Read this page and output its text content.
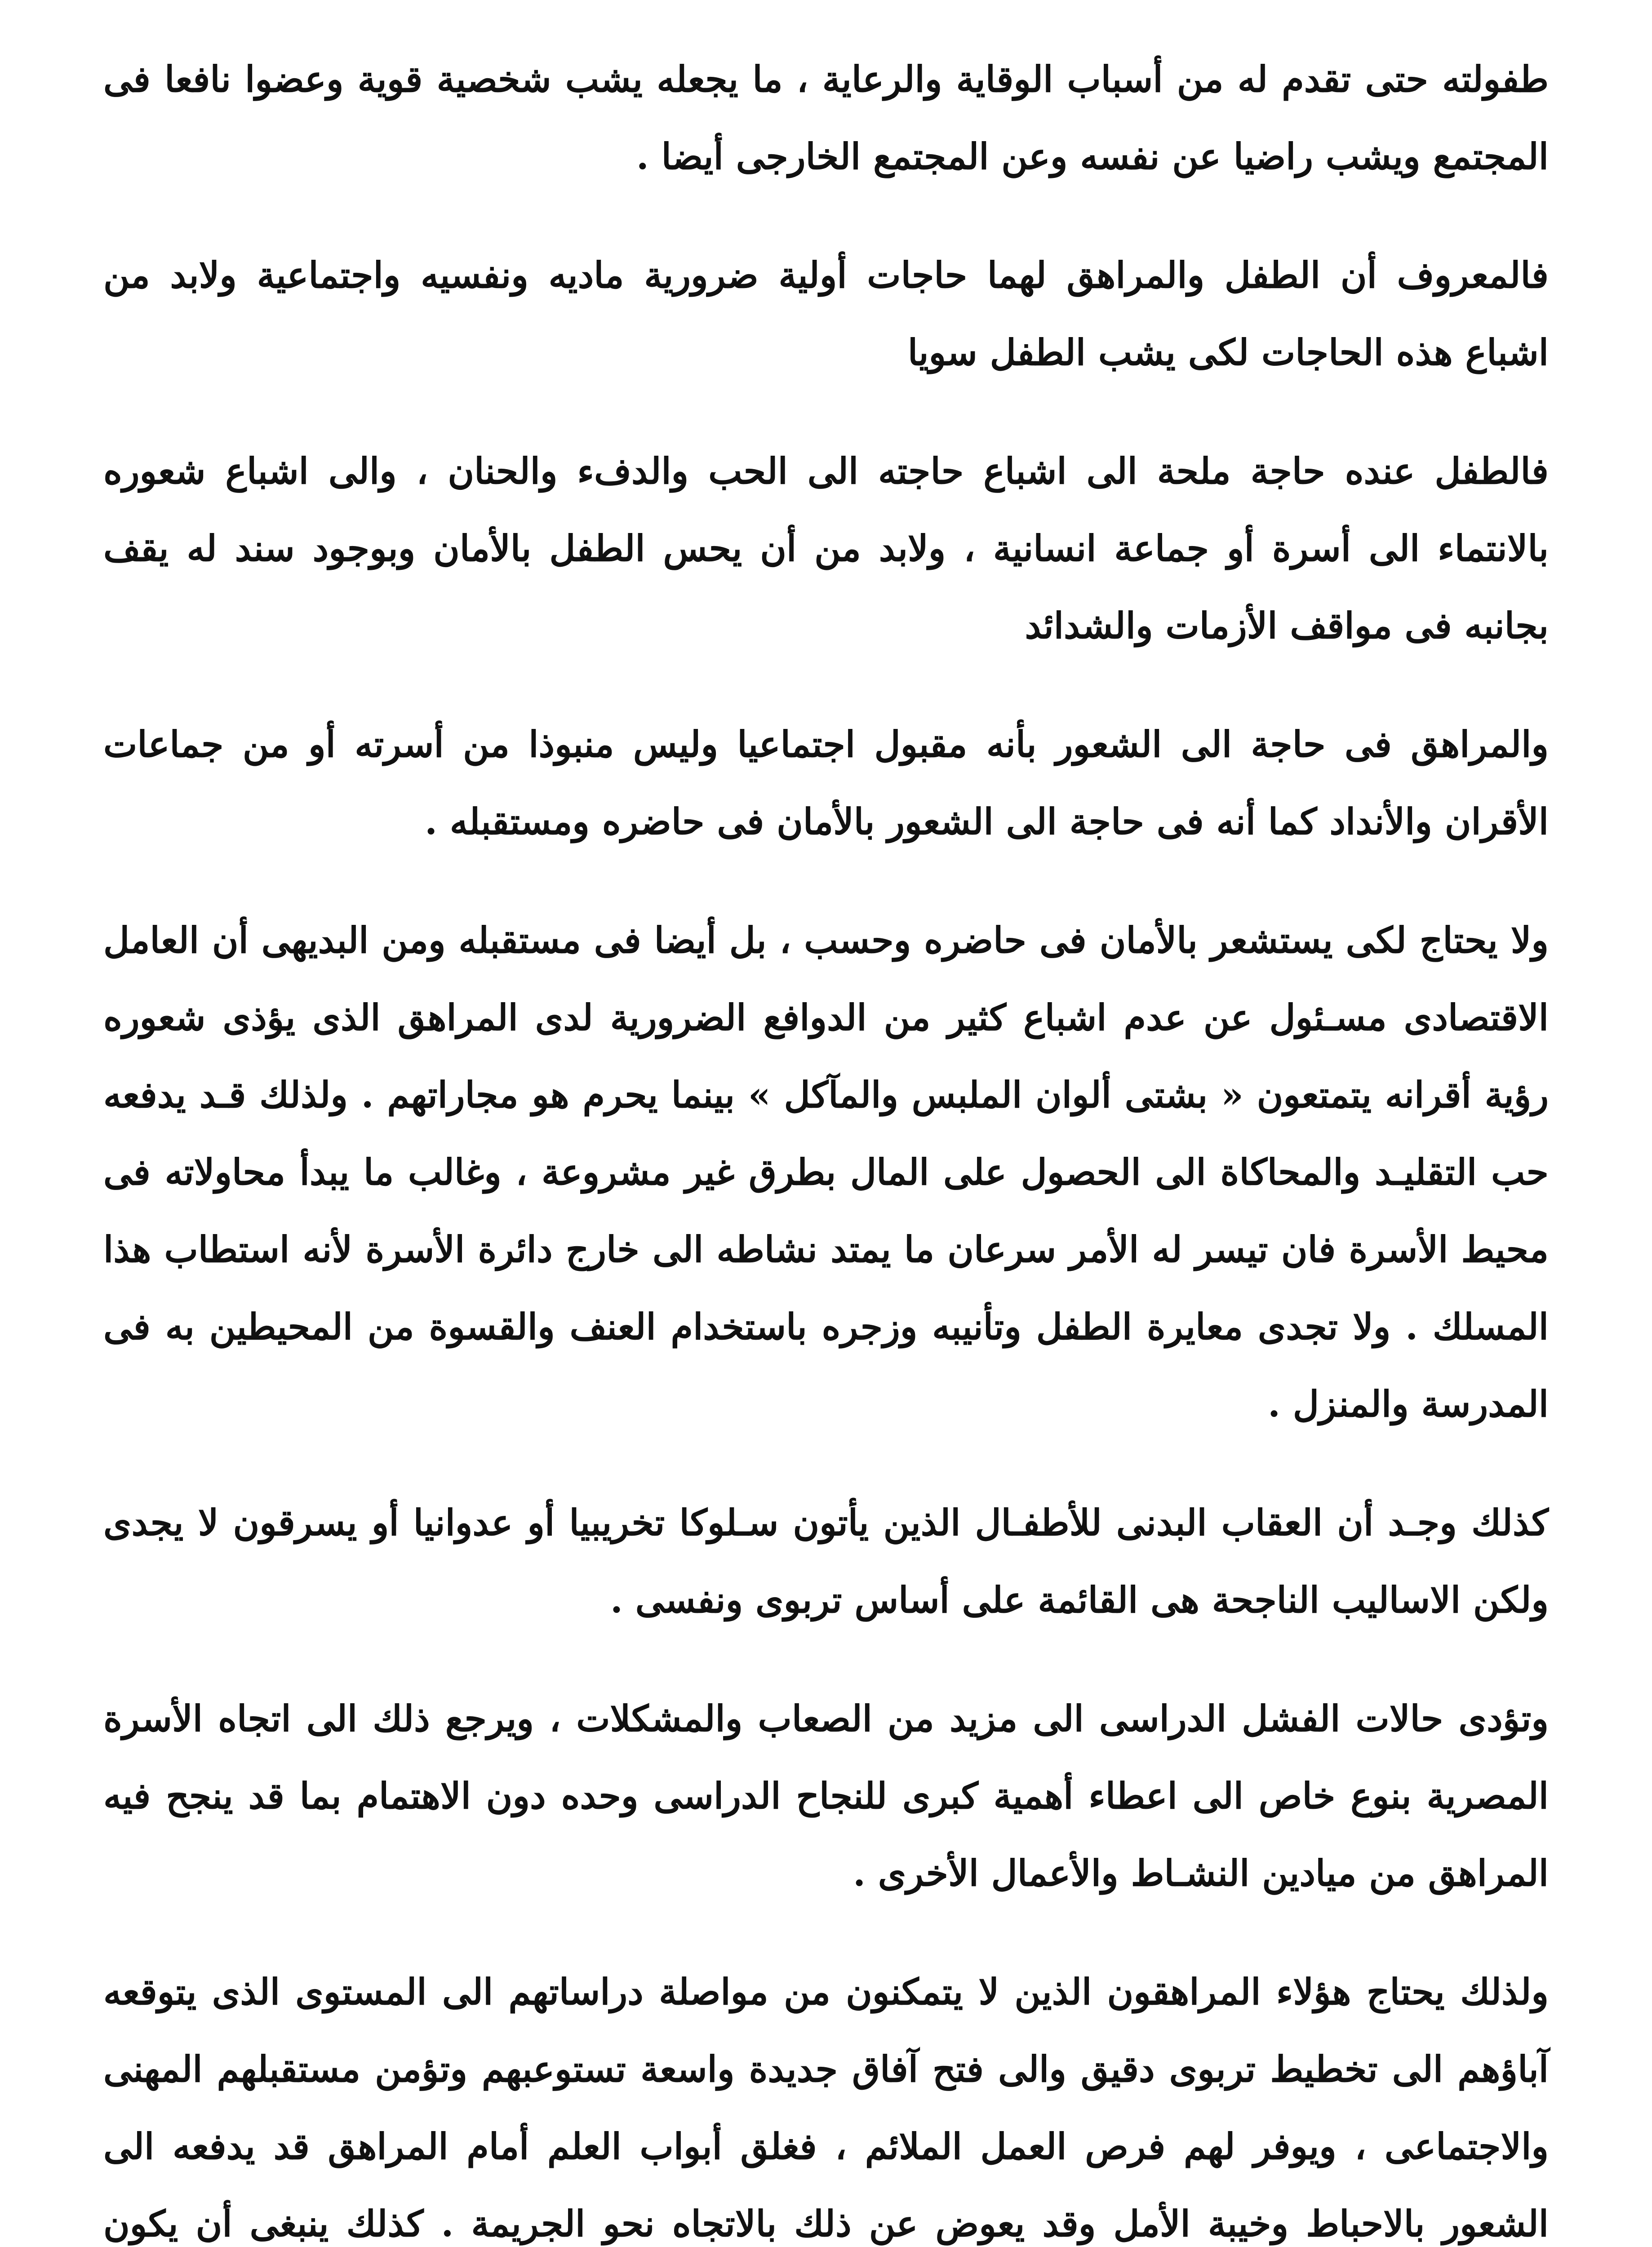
طفولته حتى تقدم له من أسباب الوقاية والرعاية ، ما يجعله يشب شخصية قوية وعضوا نافعا فى المجتمع ويشب راضيا عن نفسه وعن المجتمع الخارجى أيضا .

فالمعروف أن الطفل والمراهق لهما حاجات أولية ضرورية ماديه ونفسيه واجتماعية ولابد من اشباع هذه الحاجات لكى يشب الطفل سويا

فالطفل عنده حاجة ملحة الى اشباع حاجته الى الحب والدفء والحنان ، والى اشباع شعوره بالانتماء الى أسرة أو جماعة انسانية ، ولابد من أن يحس الطفل بالأمان وبوجود سند له يقف بجانبه فى مواقف الأزمات والشدائد

والمراهق فى حاجة الى الشعور بأنه مقبول اجتماعيا وليس منبوذا من أسرته أو من جماعات الأقران والأنداد كما أنه فى حاجة الى الشعور بالأمان فى حاضره ومستقبله .

ولا يحتاج لكى يستشعر بالأمان فى حاضره وحسب ، بل أيضا فى مستقبله ومن البديهى أن العامل الاقتصادى مسـئول عن عدم اشباع كثير من الدوافع الضرورية لدى المراهق الذى يؤذى شعوره رؤية أقرانه يتمتعون « بشتى ألوان الملبس والمآكل » بينما يحرم هو مجاراتهم . ولذلك قـد يدفعه حب التقليـد والمحاكاة الى الحصول على المال بطرق غير مشروعة ، وغالب ما يبدأ محاولاته فى محيط الأسرة فان تيسر له الأمر سرعان ما يمتد نشاطه الى خارج دائرة الأسرة لأنه استطاب هذا المسلك . ولا تجدى معايرة الطفل وتأنيبه وزجره باستخدام العنف والقسوة من المحيطين به فى المدرسة والمنزل .

كذلك وجـد أن العقاب البدنى للأطفـال الذين يأتون سـلوكا تخريبيا أو عدوانيا أو يسرقون لا يجدى ولكن الاساليب الناجحة هى القائمة على أساس تربوى ونفسى .

وتؤدى حالات الفشل الدراسى الى مزيد من الصعاب والمشكلات ، ويرجع ذلك الى اتجاه الأسرة المصرية بنوع خاص الى اعطاء أهمية كبرى للنجاح الدراسى وحده دون الاهتمام بما قد ينجح فيه المراهق من ميادين النشـاط والأعمال الأخرى .

ولذلك يحتاج هؤلاء المراهقون الذين لا يتمكنون من مواصلة دراساتهم الى المستوى الذى يتوقعه آباؤهم الى تخطيط تربوى دقيق والى فتح آفاق جديدة واسعة تستوعبهم وتؤمن مستقبلهم المهنى والاجتماعى ، ويوفر لهم فرص العمل الملائم ، فغلق أبواب العلم أمام المراهق قد يدفعه الى الشعور بالاحباط وخيبة الأمل وقد يعوض عن ذلك بالاتجاه نحو الجريمة . كذلك ينبغى أن يكون
